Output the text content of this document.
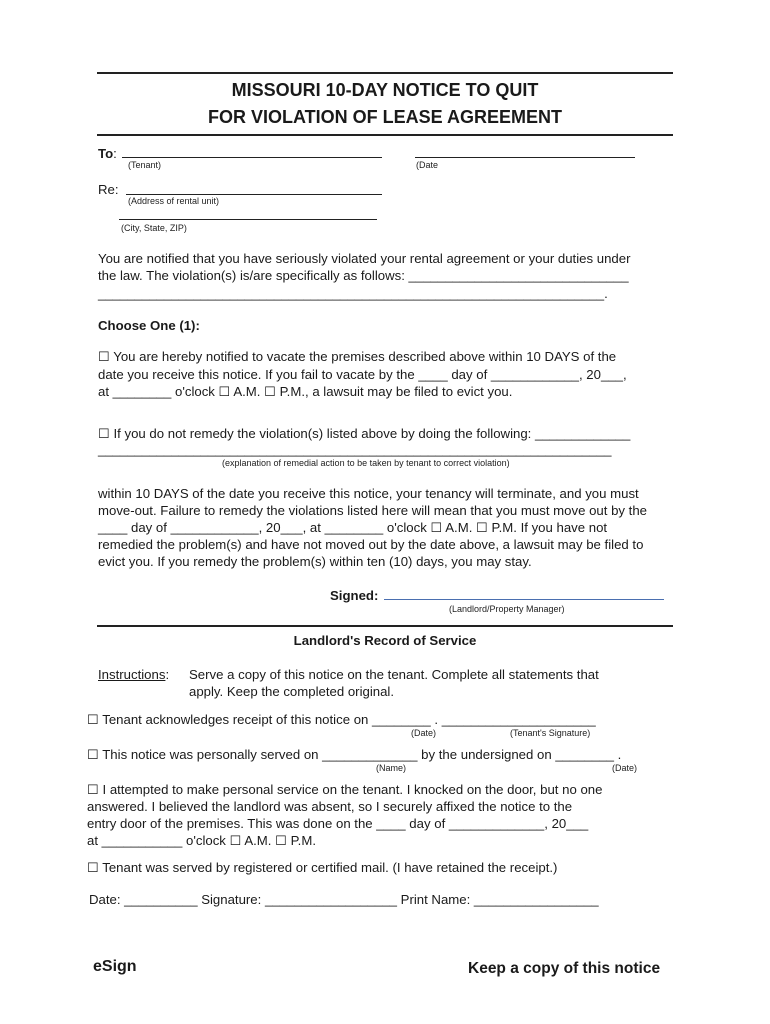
MISSOURI 10-DAY NOTICE TO QUIT
FOR VIOLATION OF LEASE AGREEMENT
To:
(Tenant)	(Date
Re:
(Address of rental unit)
(City, State, ZIP)
You are notified that you have seriously violated your rental agreement or your duties under
the law. The violation(s) is/are specifically as follows: ______________________________
_____________________________________________________________________.
Choose One (1):
☐ You are hereby notified to vacate the premises described above within 10 DAYS of the
date you receive this notice. If you fail to vacate by the ____ day of ____________, 20___,
at ________ o'clock ☐ A.M. ☐ P.M., a lawsuit may be filed to evict you.
☐ If you do not remedy the violation(s) listed above by doing the following: _____________
______________________________________________________________________
(explanation of remedial action to be taken by tenant to correct violation)
within 10 DAYS of the date you receive this notice, your tenancy will terminate, and you must
move-out. Failure to remedy the violations listed here will mean that you must move out by the
____ day of ____________, 20___, at ________ o'clock ☐ A.M. ☐ P.M. If you have not
remedied the problem(s) and have not moved out by the date above, a lawsuit may be filed to
evict you. If you remedy the problem(s) within ten (10) days, you may stay.
Signed:
(Landlord/Property Manager)
Landlord's Record of Service
Instructions: Serve a copy of this notice on the tenant. Complete all statements that
apply. Keep the completed original.
☐ Tenant acknowledges receipt of this notice on ________ . _____________________
(Date)	(Tenant's Signature)
☐ This notice was personally served on _____________ by the undersigned on ________ .
(Name)	(Date)
☐ I attempted to make personal service on the tenant. I knocked on the door, but no one
answered. I believed the landlord was absent, so I securely affixed the notice to the
entry door of the premises. This was done on the ____ day of _____________, 20___
at ___________ o'clock ☐ A.M. ☐ P.M.
☐ Tenant was served by registered or certified mail. (I have retained the receipt.)
Date: __________ Signature: __________________ Print Name: _________________
eSign	Keep a copy of this notice
